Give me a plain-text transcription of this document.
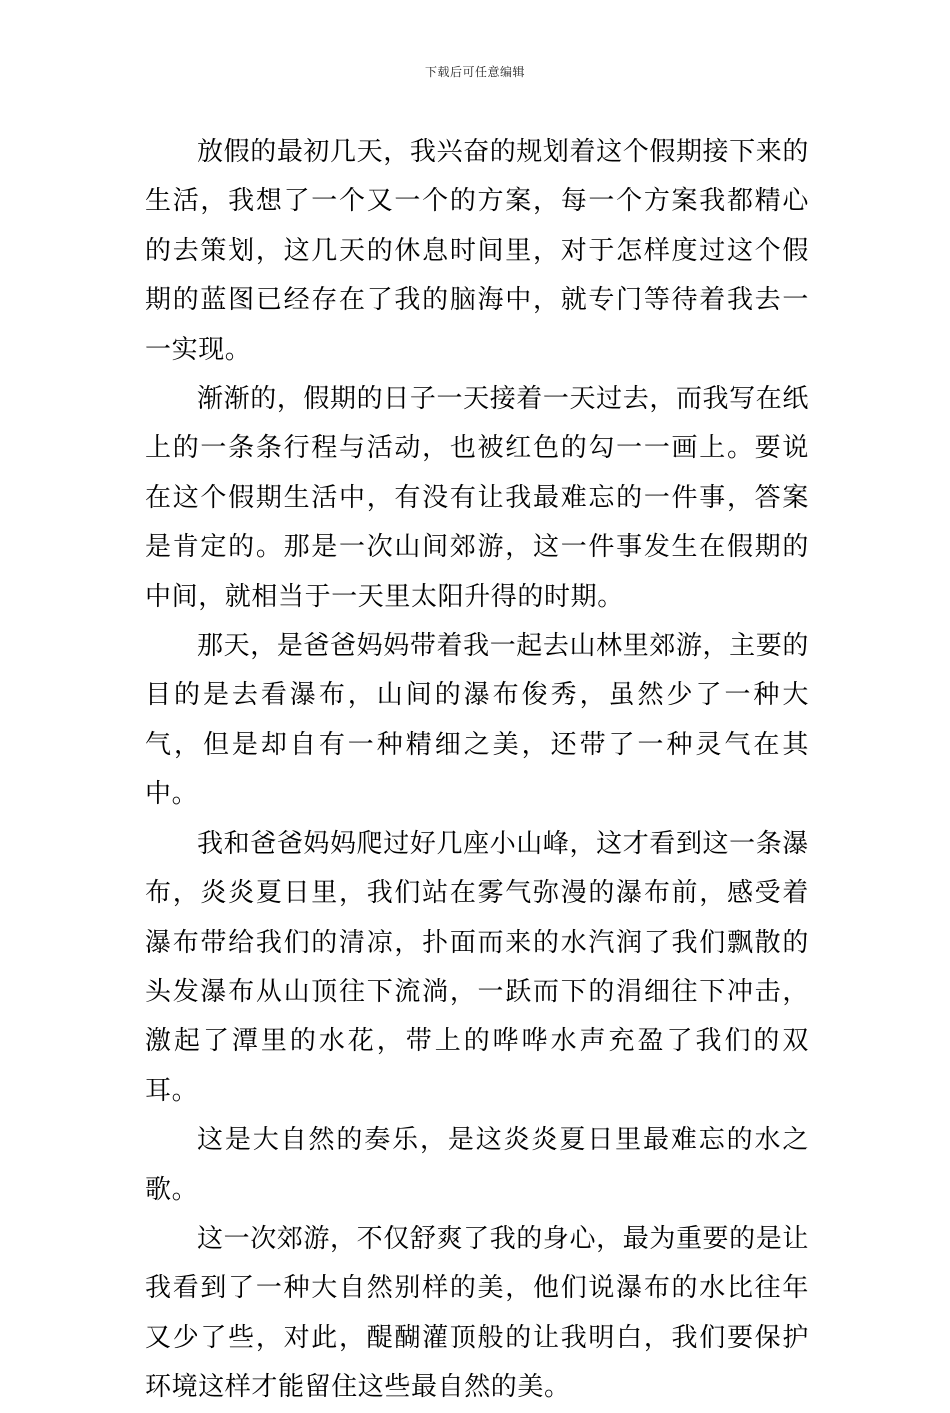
下载后可任意编辑

放假的最初几天，我兴奋的规划着这个假期接下来的生活，我想了一个又一个的方案，每一个方案我都精心的去策划，这几天的休息时间里，对于怎样度过这个假期的蓝图已经存在了我的脑海中，就专门等待着我去一一实现。

渐渐的，假期的日子一天接着一天过去，而我写在纸上的一条条行程与活动，也被红色的勾一一画上。要说在这个假期生活中，有没有让我最难忘的一件事，答案是肯定的。那是一次山间郊游，这一件事发生在假期的中间，就相当于一天里太阳升得的时期。

那天，是爸爸妈妈带着我一起去山林里郊游，主要的目的是去看瀑布，山间的瀑布俊秀，虽然少了一种大气，但是却自有一种精细之美，还带了一种灵气在其中。

我和爸爸妈妈爬过好几座小山峰，这才看到这一条瀑布，炎炎夏日里，我们站在雾气弥漫的瀑布前，感受着瀑布带给我们的清凉，扑面而来的水汽润了我们飘散的头发瀑布从山顶往下流淌，一跃而下的涓细往下冲击，激起了潭里的水花，带上的哗哗水声充盈了我们的双耳。

这是大自然的奏乐，是这炎炎夏日里最难忘的水之歌。

这一次郊游，不仅舒爽了我的身心，最为重要的是让我看到了一种大自然别样的美，他们说瀑布的水比往年又少了些，对此，醍醐灌顶般的让我明白，我们要保护环境这样才能留住这些最自然的美。
